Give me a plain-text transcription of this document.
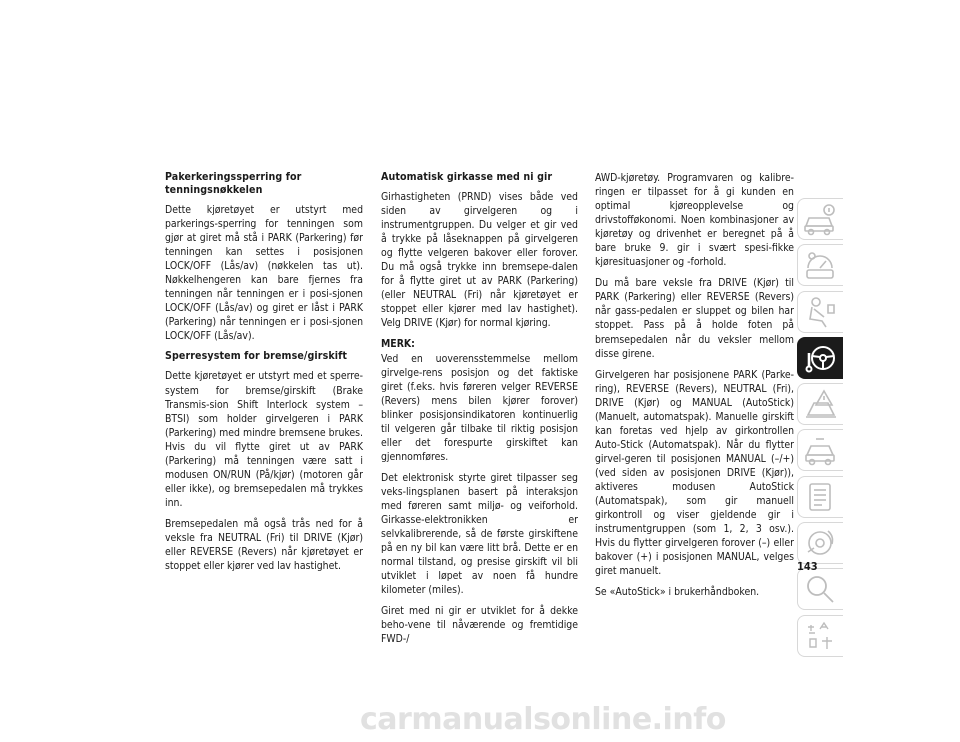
Pakerkeringssperring for tenningsnøkkelen

Dette kjøretøyet er utstyrt med parkerings-sperring for tenningen som gjør at giret må stå i PARK (Parkering) før tenningen kan settes i posisjonen LOCK/OFF (Lås/av) (nøkkelen tas ut). Nøkkelhengeren kan bare fjernes fra tenningen når tenningen er i posi-sjonen LOCK/OFF (Lås/av) og giret er låst i PARK (Parkering) når tenningen er i posi-sjonen LOCK/OFF (Lås/av).

Sperresystem for bremse/girskift

Dette kjøretøyet er utstyrt med et sperre-system for bremse/girskift (Brake Transmis-sion Shift Interlock system – BTSI) som holder girvelgeren i PARK (Parkering) med mindre bremsene brukes. Hvis du vil flytte giret ut av PARK (Parkering) må tenningen være satt i modusen ON/RUN (På/kjør) (motoren går eller ikke), og bremsepedalen må trykkes inn.

Bremsepedalen må også trås ned for å veksle fra NEUTRAL (Fri) til DRIVE (Kjør) eller REVERSE (Revers) når kjøretøyet er stoppet eller kjører ved lav hastighet.

Automatisk girkasse med ni gir

Girhastigheten (PRND) vises både ved siden av girvelgeren og i instrumentgruppen. Du velger et gir ved å trykke på låseknappen på girvelgeren og flytte velgeren bakover eller forover. Du må også trykke inn bremsepe-dalen for å flytte giret ut av PARK (Parkering) (eller NEUTRAL (Fri) når kjøretøyet er stoppet eller kjører med lav hastighet). Velg DRIVE (Kjør) for normal kjøring.

MERK:
Ved en uoverensstemmelse mellom girvelge-rens posisjon og det faktiske giret (f.eks. hvis føreren velger REVERSE (Revers) mens bilen kjører forover) blinker posisjonsindikatoren kontinuerlig til velgeren går tilbake til riktig posisjon eller det forespurte girskiftet kan gjennomføres.

Det elektronisk styrte giret tilpasser seg veks-lingsplanen basert på interaksjon med føreren samt miljø- og veiforhold. Girkasse-elektronikken er selvkalibrerende, så de første girskiftene på en ny bil kan være litt brå. Dette er en normal tilstand, og presise girskift vil bli utviklet i løpet av noen få hundre kilometer (miles).

Giret med ni gir er utviklet for å dekke beho-vene til nåværende og fremtidige FWD-/

AWD-kjøretøy. Programvaren og kalibre-ringen er tilpasset for å gi kunden en optimal kjøreopplevelse og drivstofføkonomi. Noen kombinasjoner av kjøretøy og drivenhet er beregnet på å bare bruke 9. gir i svært spesi-fikke kjøresituasjoner og -forhold.

Du må bare veksle fra DRIVE (Kjør) til PARK (Parkering) eller REVERSE (Revers) når gass-pedalen er sluppet og bilen har stoppet. Pass på å holde foten på bremsepedalen når du veksler mellom disse girene.

Girvelgeren har posisjonene PARK (Parke-ring), REVERSE (Revers), NEUTRAL (Fri), DRIVE (Kjør) og MANUAL (AutoStick) (Manuelt, automatspak). Manuelle girskift kan foretas ved hjelp av girkontrollen Auto-Stick (Automatspak). Når du flytter girvel-geren til posisjonen MANUAL (–/+) (ved siden av posisjonen DRIVE (Kjør)), aktiveres modusen AutoStick (Automatspak), som gir manuell girkontroll og viser gjeldende gir i instrumentgruppen (som 1, 2, 3 osv.). Hvis du flytter girvelgeren forover (–) eller bakover (+) i posisjonen MANUAL, velges giret manuelt.

Se «AutoStick» i brukerhåndboken.

143
carmanualsonline.info
